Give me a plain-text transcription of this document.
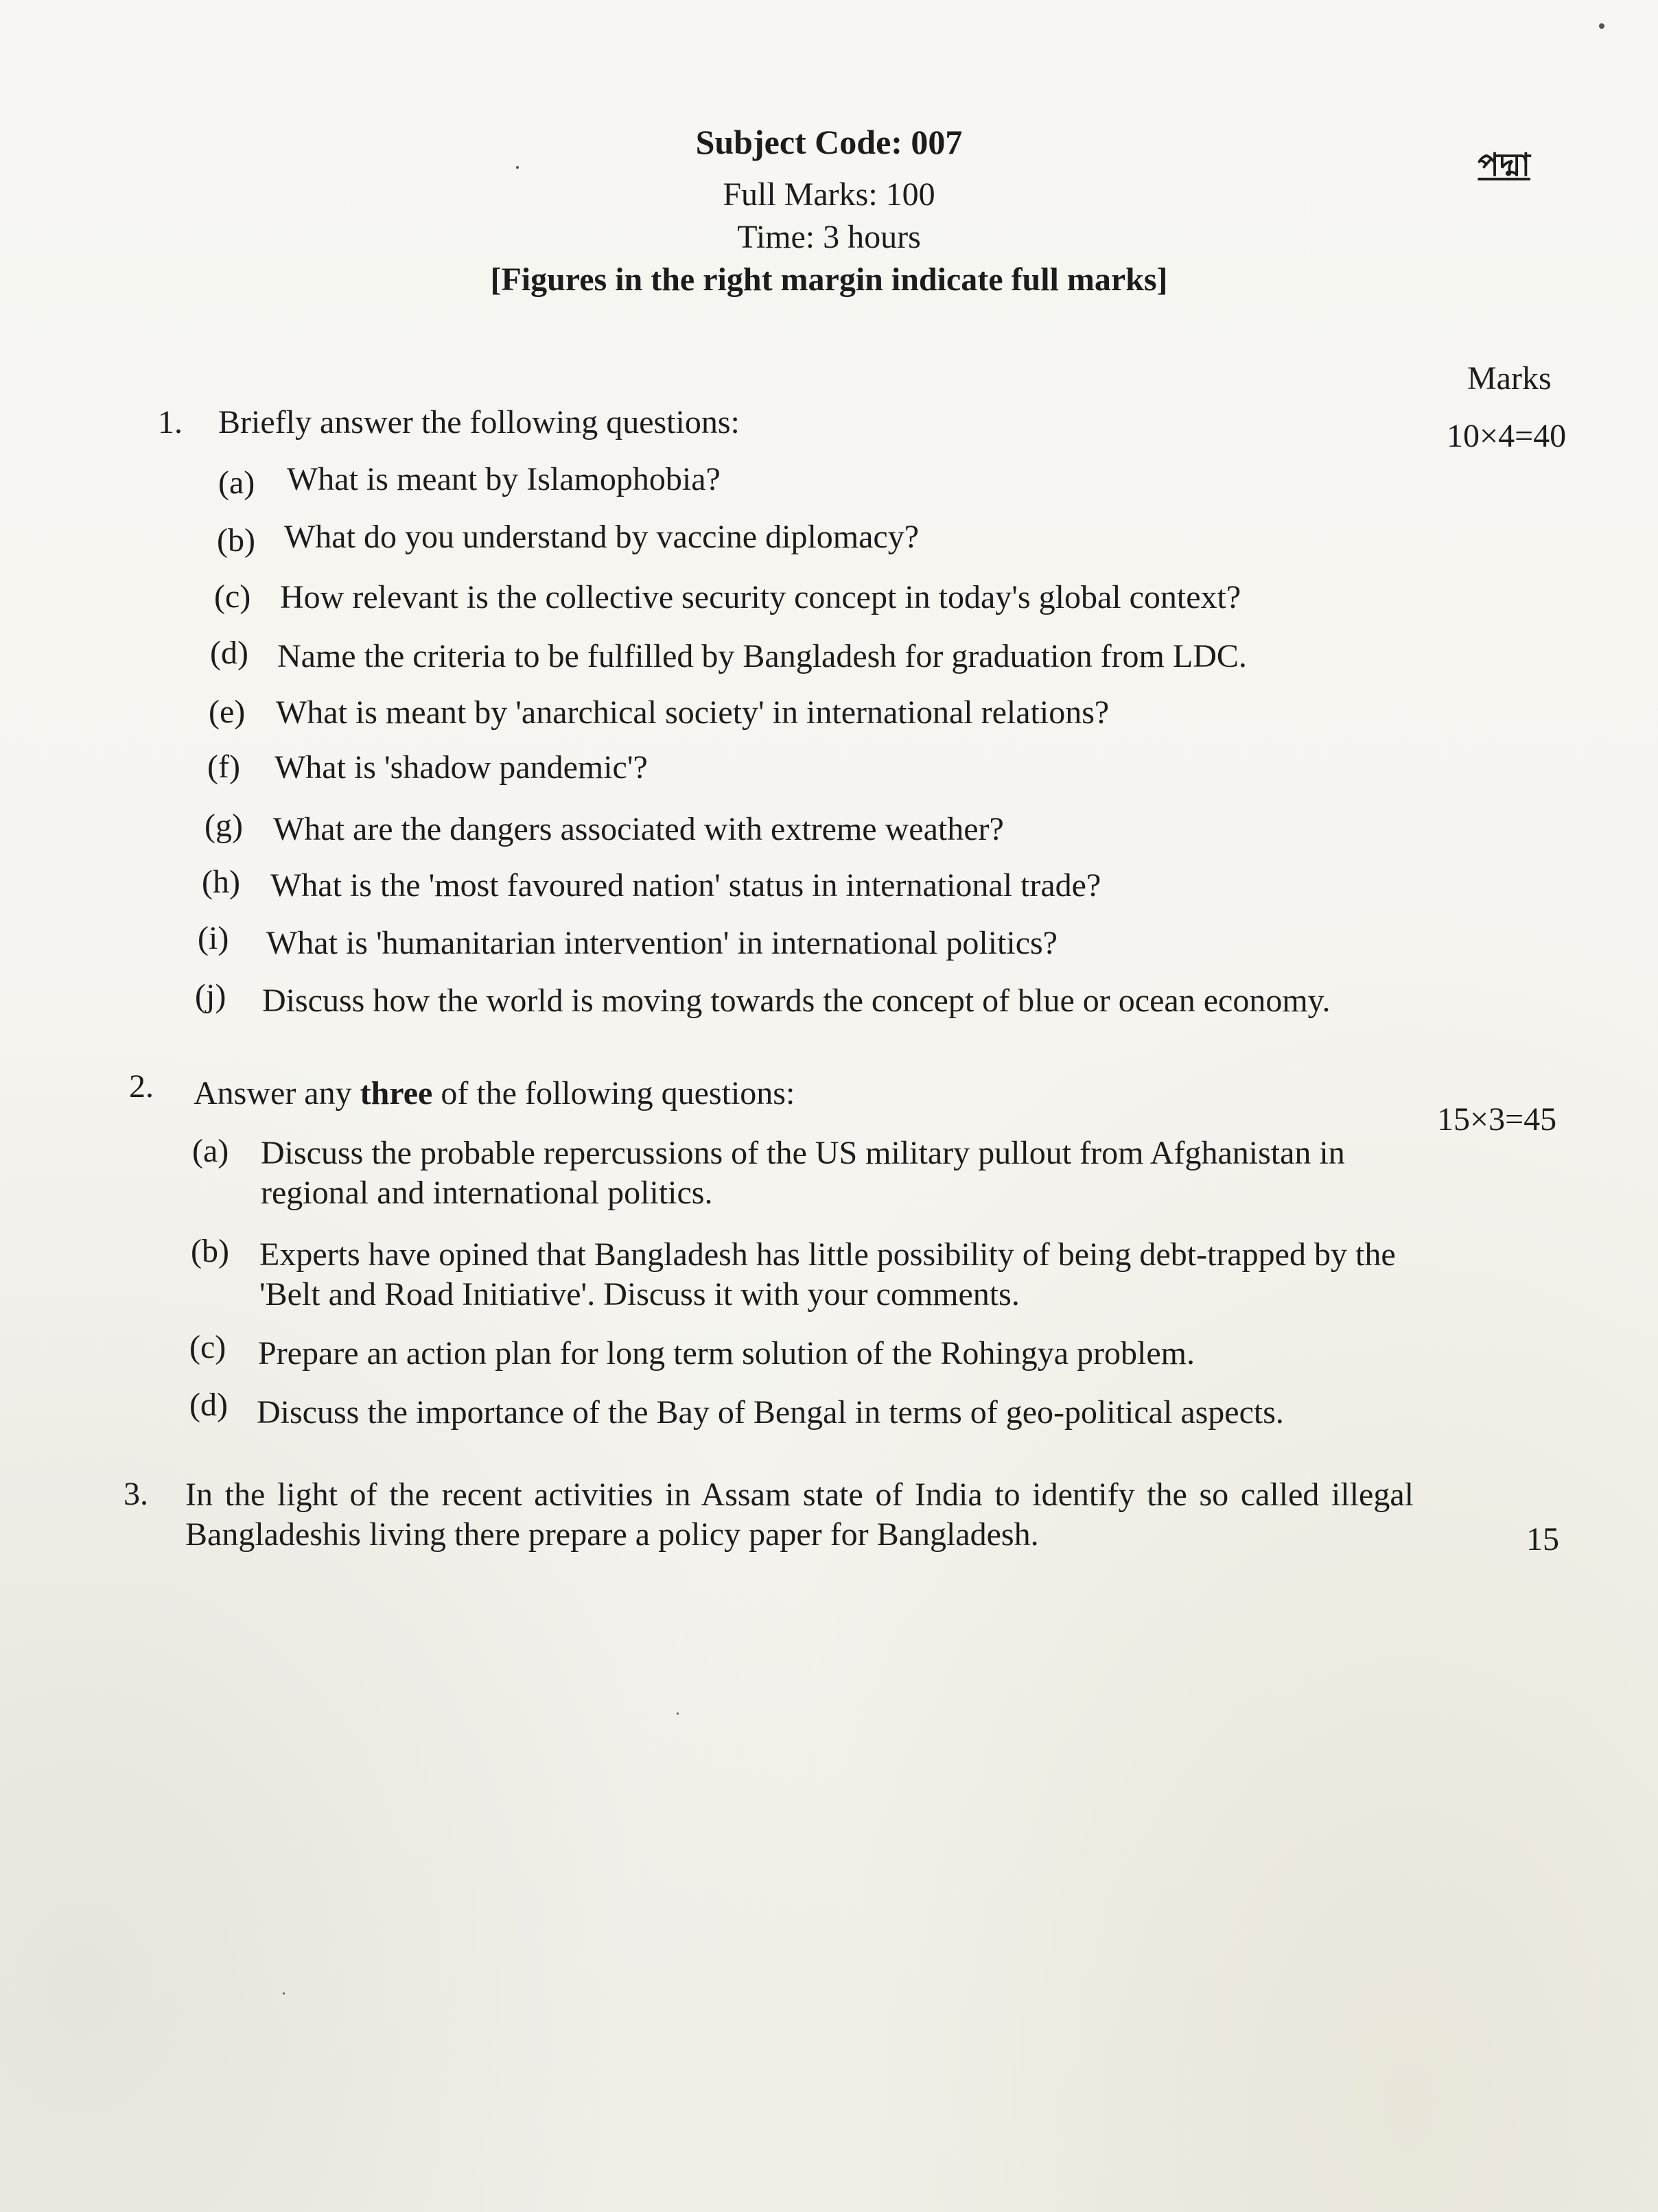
Subject Code: 007
Full Marks: 100
Time: 3 hours
[Figures in the right margin indicate full marks]
পদ্মা
Marks
1. Briefly answer the following questions:	10×4=40
(a) What is meant by Islamophobia?
(b) What do you understand by vaccine diplomacy?
(c) How relevant is the collective security concept in today's global context?
(d) Name the criteria to be fulfilled by Bangladesh for graduation from LDC.
(e) What is meant by 'anarchical society' in international relations?
(f) What is 'shadow pandemic'?
(g) What are the dangers associated with extreme weather?
(h) What is the 'most favoured nation' status in international trade?
(i) What is 'humanitarian intervention' in international politics?
(j) Discuss how the world is moving towards the concept of blue or ocean economy.
2. Answer any three of the following questions:
15×3=45
(a) Discuss the probable repercussions of the US military pullout from Afghanistan in regional and international politics.
(b) Experts have opined that Bangladesh has little possibility of being debt-trapped by the 'Belt and Road Initiative'. Discuss it with your comments.
(c) Prepare an action plan for long term solution of the Rohingya problem.
(d) Discuss the importance of the Bay of Bengal in terms of geo-political aspects.
3. In the light of the recent activities in Assam state of India to identify the so called illegal Bangladeshis living there prepare a policy paper for Bangladesh.	15
